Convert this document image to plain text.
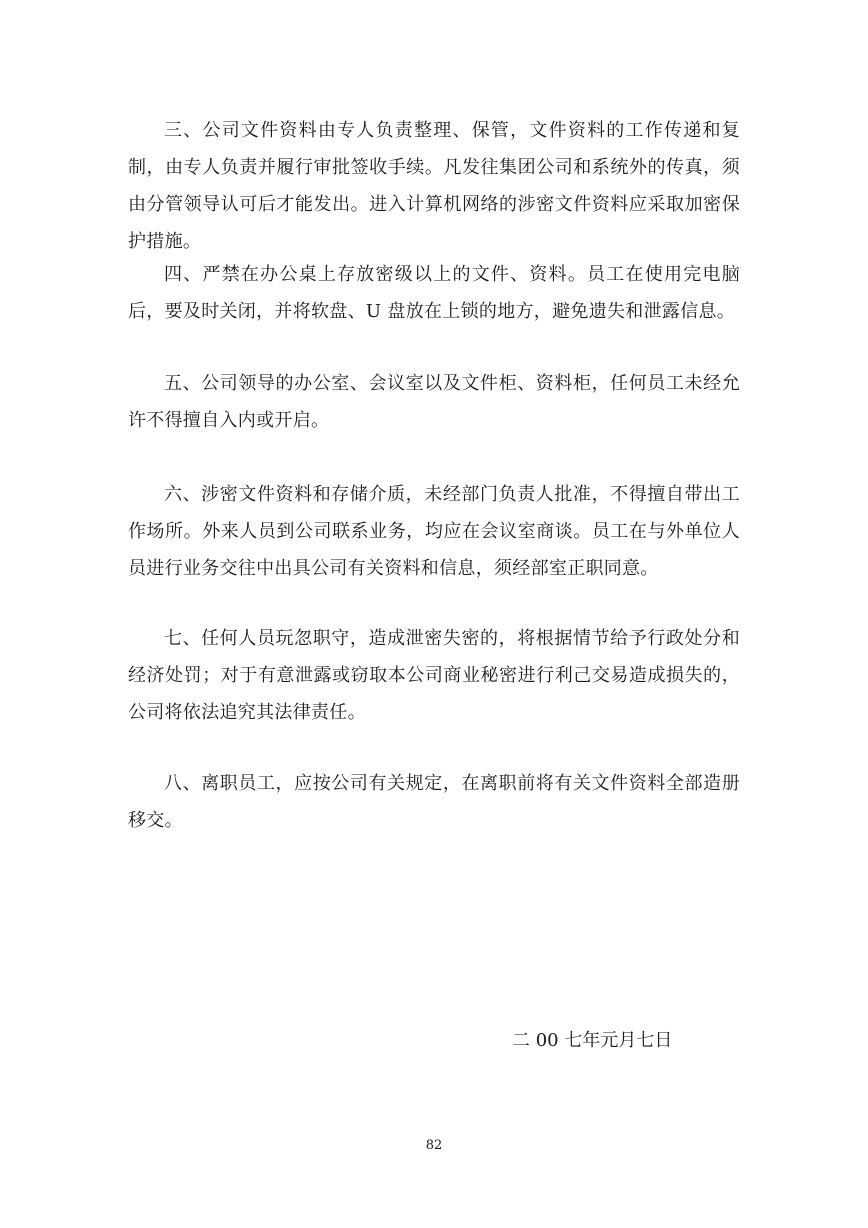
三、公司文件资料由专人负责整理、保管，文件资料的工作传递和复制，由专人负责并履行审批签收手续。凡发往集团公司和系统外的传真，须由分管领导认可后才能发出。进入计算机网络的涉密文件资料应采取加密保护措施。

四、严禁在办公桌上存放密级以上的文件、资料。员工在使用完电脑后，要及时关闭，并将软盘、U 盘放在上锁的地方，避免遗失和泄露信息。

五、公司领导的办公室、会议室以及文件柜、资料柜，任何员工未经允许不得擅自入内或开启。

六、涉密文件资料和存储介质，未经部门负责人批准，不得擅自带出工作场所。外来人员到公司联系业务，均应在会议室商谈。员工在与外单位人员进行业务交往中出具公司有关资料和信息，须经部室正职同意。

七、任何人员玩忽职守，造成泄密失密的，将根据情节给予行政处分和经济处罚；对于有意泄露或窃取本公司商业秘密进行利己交易造成损失的，公司将依法追究其法律责任。

八、离职员工，应按公司有关规定，在离职前将有关文件资料全部造册移交。

二 00 七年元月七日

82
